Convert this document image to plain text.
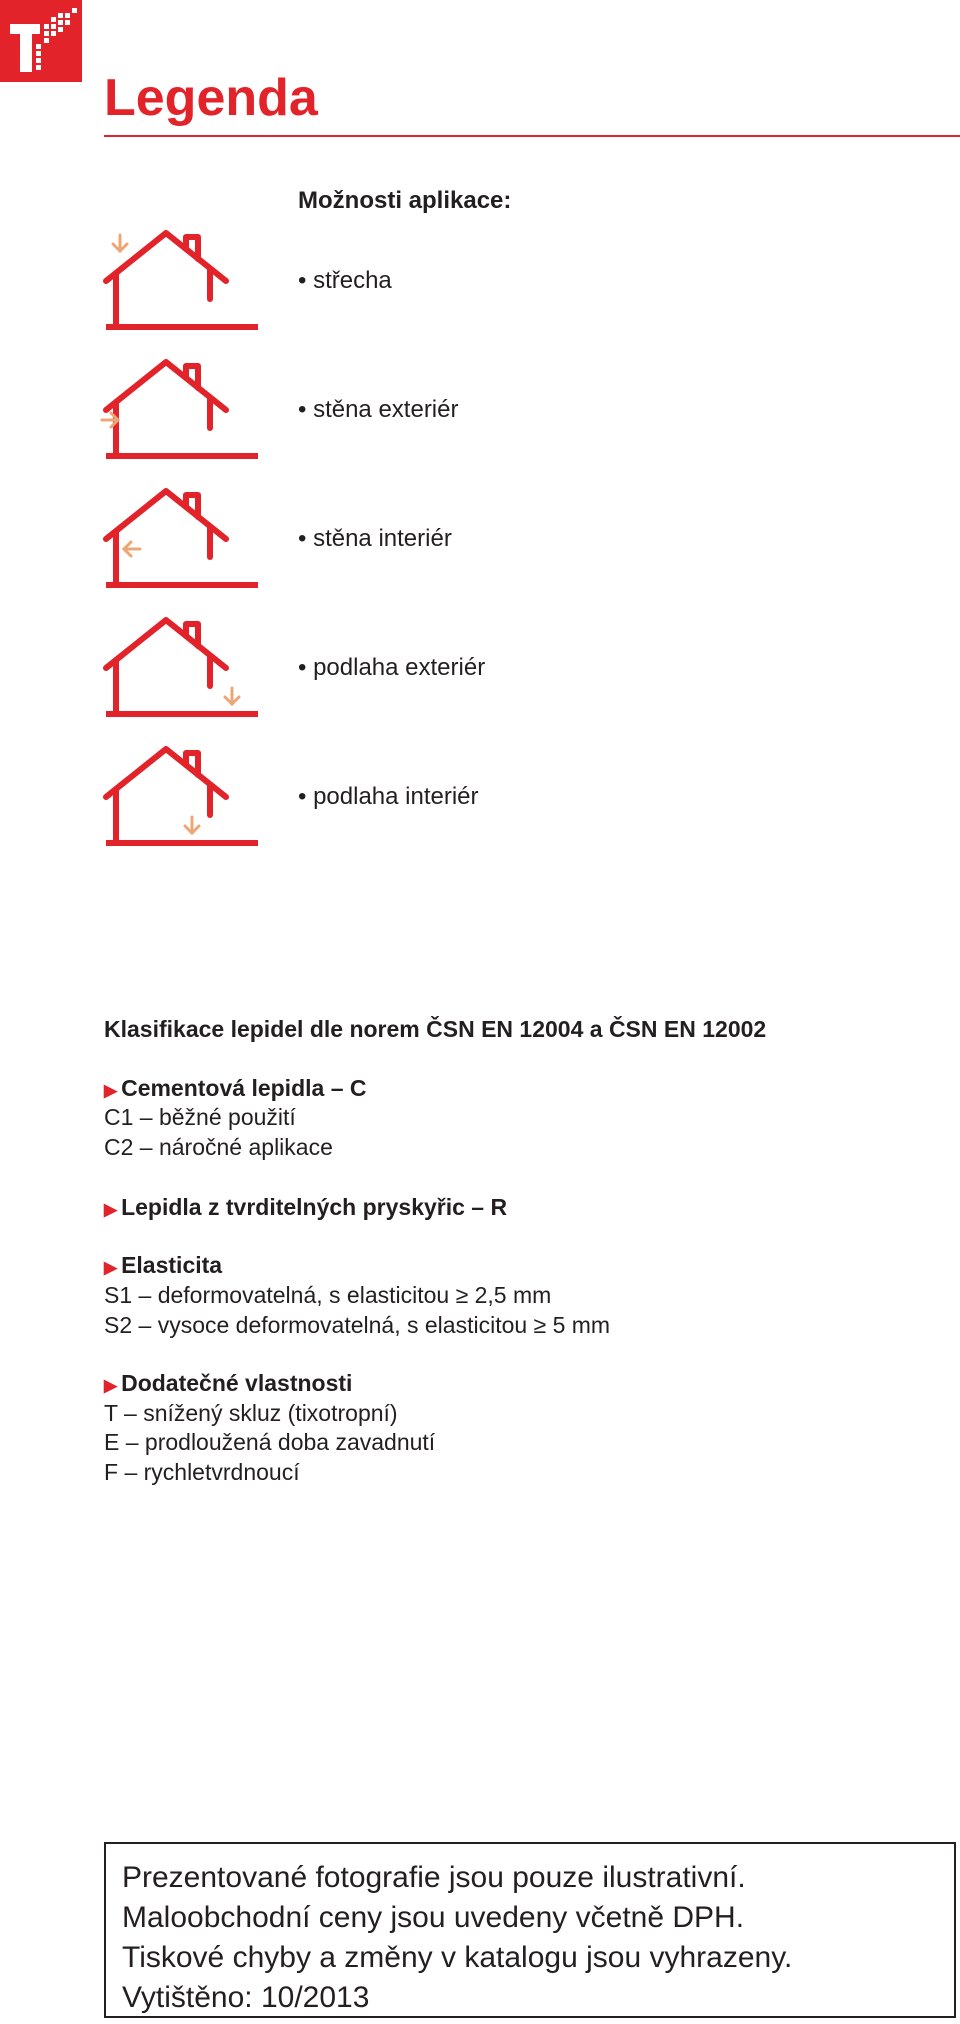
Legenda
Možnosti aplikace:
• střecha
• stěna exteriér
• stěna interiér
• podlaha exteriér
• podlaha interiér
Klasifikace lepidel dle norem ČSN EN 12004 a ČSN EN 12002
▶ Cementová lepidla – C
C1 – běžné použití
C2 – náročné aplikace
▶ Lepidla z tvrditelných pryskyřic – R
▶ Elasticita
S1 – deformovatelná, s elasticitou ≥ 2,5 mm
S2 – vysoce deformovatelná, s elasticitou ≥ 5 mm
▶ Dodatečné vlastnosti
T – snížený skluz (tixotropní)
E – prodloužená doba zavadnutí
F – rychletvrdnoucí
Prezentované fotografie jsou pouze ilustrativní.
Maloobchodní ceny jsou uvedeny včetně DPH.
Tiskové chyby a změny v katalogu jsou vyhrazeny.
Vytištěno: 10/2013
